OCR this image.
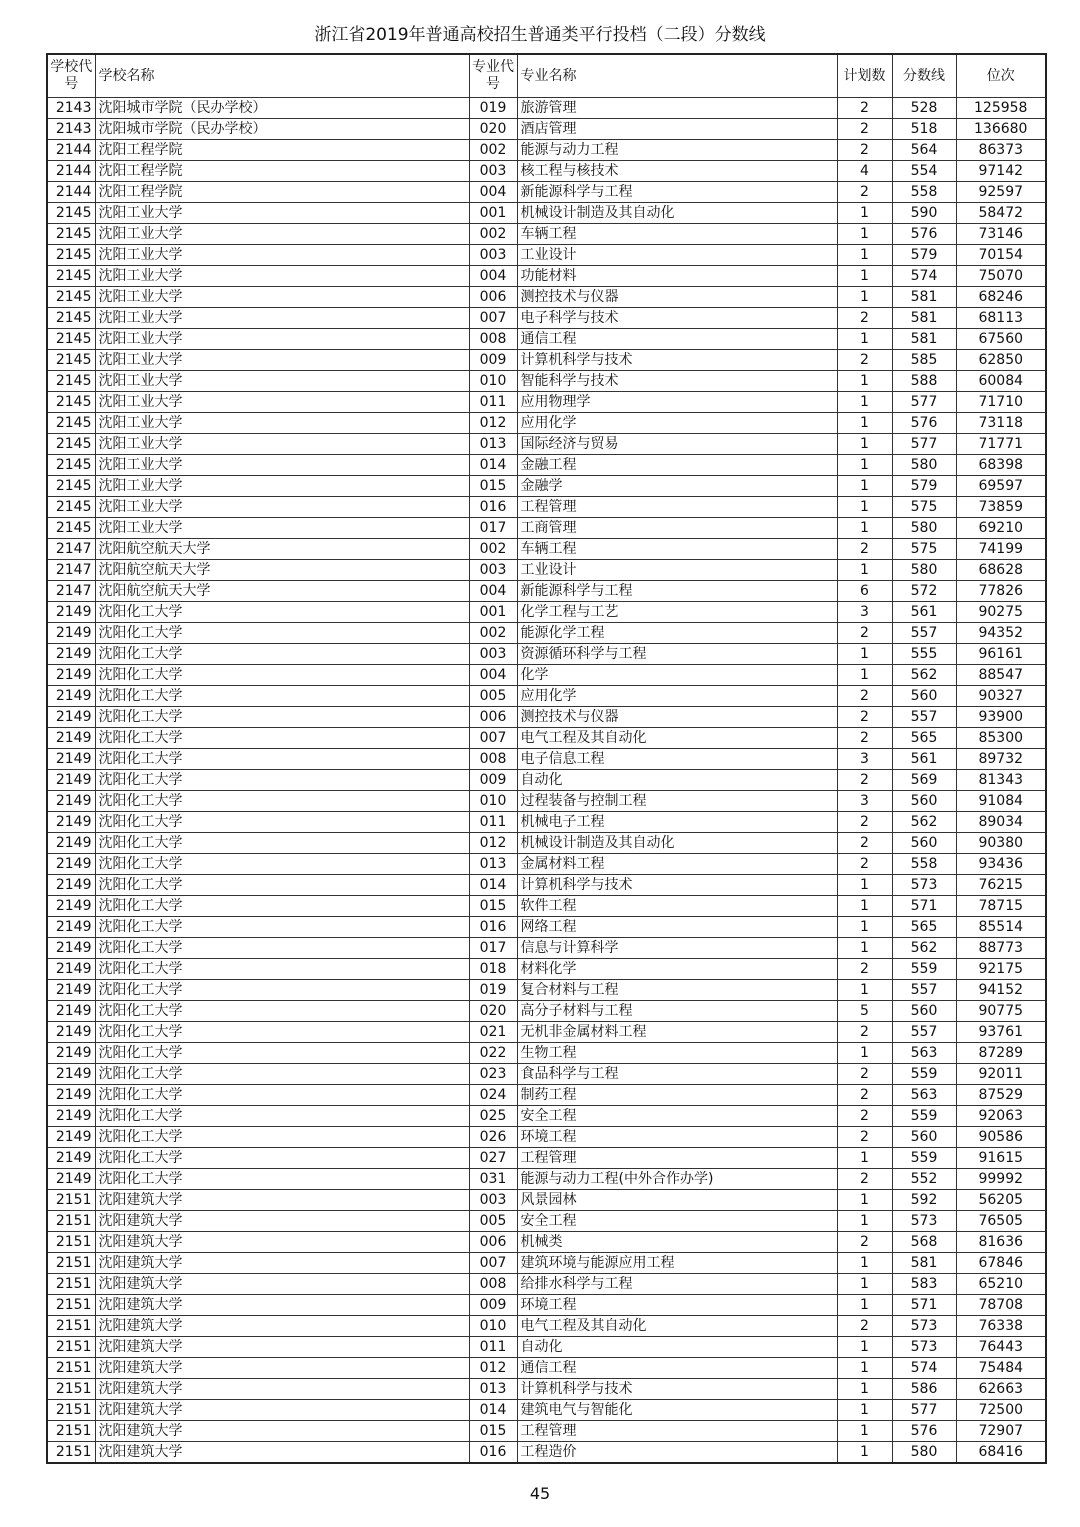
浙江省2019年普通高校招生普通类平行投档（二段）分数线
学校代号	学校名称	专业代号	专业名称	计划数	分数线	位次
2143	沈阳城市学院（民办学校）	019	旅游管理	2	528	125958
2143	沈阳城市学院（民办学校）	020	酒店管理	2	518	136680
2144	沈阳工程学院	002	能源与动力工程	2	564	86373
2144	沈阳工程学院	003	核工程与核技术	4	554	97142
2144	沈阳工程学院	004	新能源科学与工程	2	558	92597
2145	沈阳工业大学	001	机械设计制造及其自动化	1	590	58472
2145	沈阳工业大学	002	车辆工程	1	576	73146
2145	沈阳工业大学	003	工业设计	1	579	70154
2145	沈阳工业大学	004	功能材料	1	574	75070
2145	沈阳工业大学	006	测控技术与仪器	1	581	68246
2145	沈阳工业大学	007	电子科学与技术	2	581	68113
2145	沈阳工业大学	008	通信工程	1	581	67560
2145	沈阳工业大学	009	计算机科学与技术	2	585	62850
2145	沈阳工业大学	010	智能科学与技术	1	588	60084
2145	沈阳工业大学	011	应用物理学	1	577	71710
2145	沈阳工业大学	012	应用化学	1	576	73118
2145	沈阳工业大学	013	国际经济与贸易	1	577	71771
2145	沈阳工业大学	014	金融工程	1	580	68398
2145	沈阳工业大学	015	金融学	1	579	69597
2145	沈阳工业大学	016	工程管理	1	575	73859
2145	沈阳工业大学	017	工商管理	1	580	69210
2147	沈阳航空航天大学	002	车辆工程	2	575	74199
2147	沈阳航空航天大学	003	工业设计	1	580	68628
2147	沈阳航空航天大学	004	新能源科学与工程	6	572	77826
2149	沈阳化工大学	001	化学工程与工艺	3	561	90275
2149	沈阳化工大学	002	能源化学工程	2	557	94352
2149	沈阳化工大学	003	资源循环科学与工程	1	555	96161
2149	沈阳化工大学	004	化学	1	562	88547
2149	沈阳化工大学	005	应用化学	2	560	90327
2149	沈阳化工大学	006	测控技术与仪器	2	557	93900
2149	沈阳化工大学	007	电气工程及其自动化	2	565	85300
2149	沈阳化工大学	008	电子信息工程	3	561	89732
2149	沈阳化工大学	009	自动化	2	569	81343
2149	沈阳化工大学	010	过程装备与控制工程	3	560	91084
2149	沈阳化工大学	011	机械电子工程	2	562	89034
2149	沈阳化工大学	012	机械设计制造及其自动化	2	560	90380
2149	沈阳化工大学	013	金属材料工程	2	558	93436
2149	沈阳化工大学	014	计算机科学与技术	1	573	76215
2149	沈阳化工大学	015	软件工程	1	571	78715
2149	沈阳化工大学	016	网络工程	1	565	85514
2149	沈阳化工大学	017	信息与计算科学	1	562	88773
2149	沈阳化工大学	018	材料化学	2	559	92175
2149	沈阳化工大学	019	复合材料与工程	1	557	94152
2149	沈阳化工大学	020	高分子材料与工程	5	560	90775
2149	沈阳化工大学	021	无机非金属材料工程	2	557	93761
2149	沈阳化工大学	022	生物工程	1	563	87289
2149	沈阳化工大学	023	食品科学与工程	2	559	92011
2149	沈阳化工大学	024	制药工程	2	563	87529
2149	沈阳化工大学	025	安全工程	2	559	92063
2149	沈阳化工大学	026	环境工程	2	560	90586
2149	沈阳化工大学	027	工程管理	1	559	91615
2149	沈阳化工大学	031	能源与动力工程(中外合作办学)	2	552	99992
2151	沈阳建筑大学	003	风景园林	1	592	56205
2151	沈阳建筑大学	005	安全工程	1	573	76505
2151	沈阳建筑大学	006	机械类	2	568	81636
2151	沈阳建筑大学	007	建筑环境与能源应用工程	1	581	67846
2151	沈阳建筑大学	008	给排水科学与工程	1	583	65210
2151	沈阳建筑大学	009	环境工程	1	571	78708
2151	沈阳建筑大学	010	电气工程及其自动化	2	573	76338
2151	沈阳建筑大学	011	自动化	1	573	76443
2151	沈阳建筑大学	012	通信工程	1	574	75484
2151	沈阳建筑大学	013	计算机科学与技术	1	586	62663
2151	沈阳建筑大学	014	建筑电气与智能化	1	577	72500
2151	沈阳建筑大学	015	工程管理	1	576	72907
2151	沈阳建筑大学	016	工程造价	1	580	68416
45
